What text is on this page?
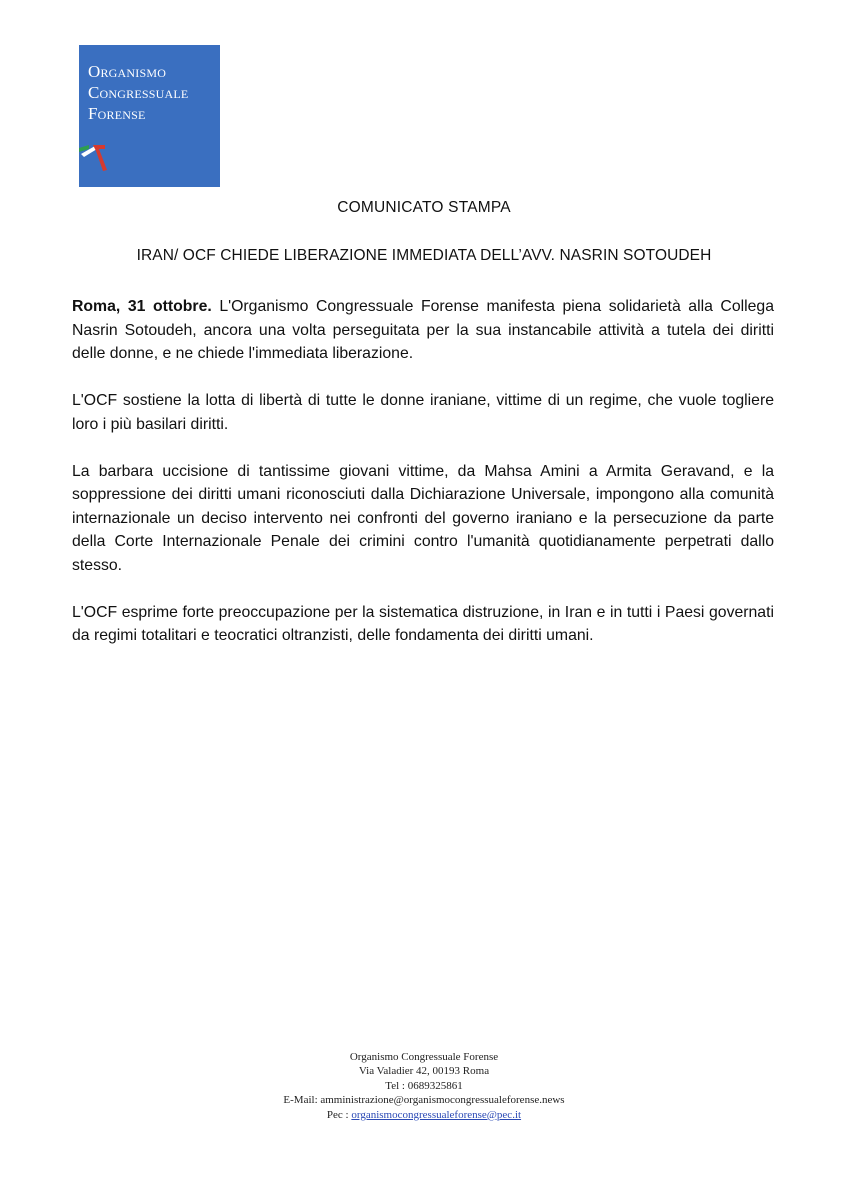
Organismo
Congressuale
Forense
COMUNICATO STAMPA
IRAN/ OCF CHIEDE LIBERAZIONE IMMEDIATA DELL’AVV. NASRIN SOTOUDEH

Roma, 31 ottobre. L'Organismo Congressuale Forense manifesta piena solidarietà alla Collega Nasrin Sotoudeh, ancora una volta perseguitata per la sua instancabile attività a tutela dei diritti delle donne, e ne chiede l'immediata liberazione.

L'OCF sostiene la lotta di libertà di tutte le donne iraniane, vittime di un regime, che vuole togliere loro i più basilari diritti.

La barbara uccisione di tantissime giovani vittime, da Mahsa Amini a Armita Geravand, e la soppressione dei diritti umani riconosciuti dalla Dichiarazione Universale, impongono alla comunità internazionale un deciso intervento nei confronti del governo iraniano e la persecuzione da parte della Corte Internazionale Penale dei crimini contro l'umanità quotidianamente perpetrati dallo stesso.

L'OCF esprime forte preoccupazione per la sistematica distruzione, in Iran e in tutti i Paesi governati da regimi totalitari e teocratici oltranzisti, delle fondamenta dei diritti umani.

Organismo Congressuale Forense
Via Valadier 42, 00193 Roma
Tel : 0689325861
E-Mail: amministrazione@organismocongressualeforense.news
Pec : organismocongressualeforense@pec.it
